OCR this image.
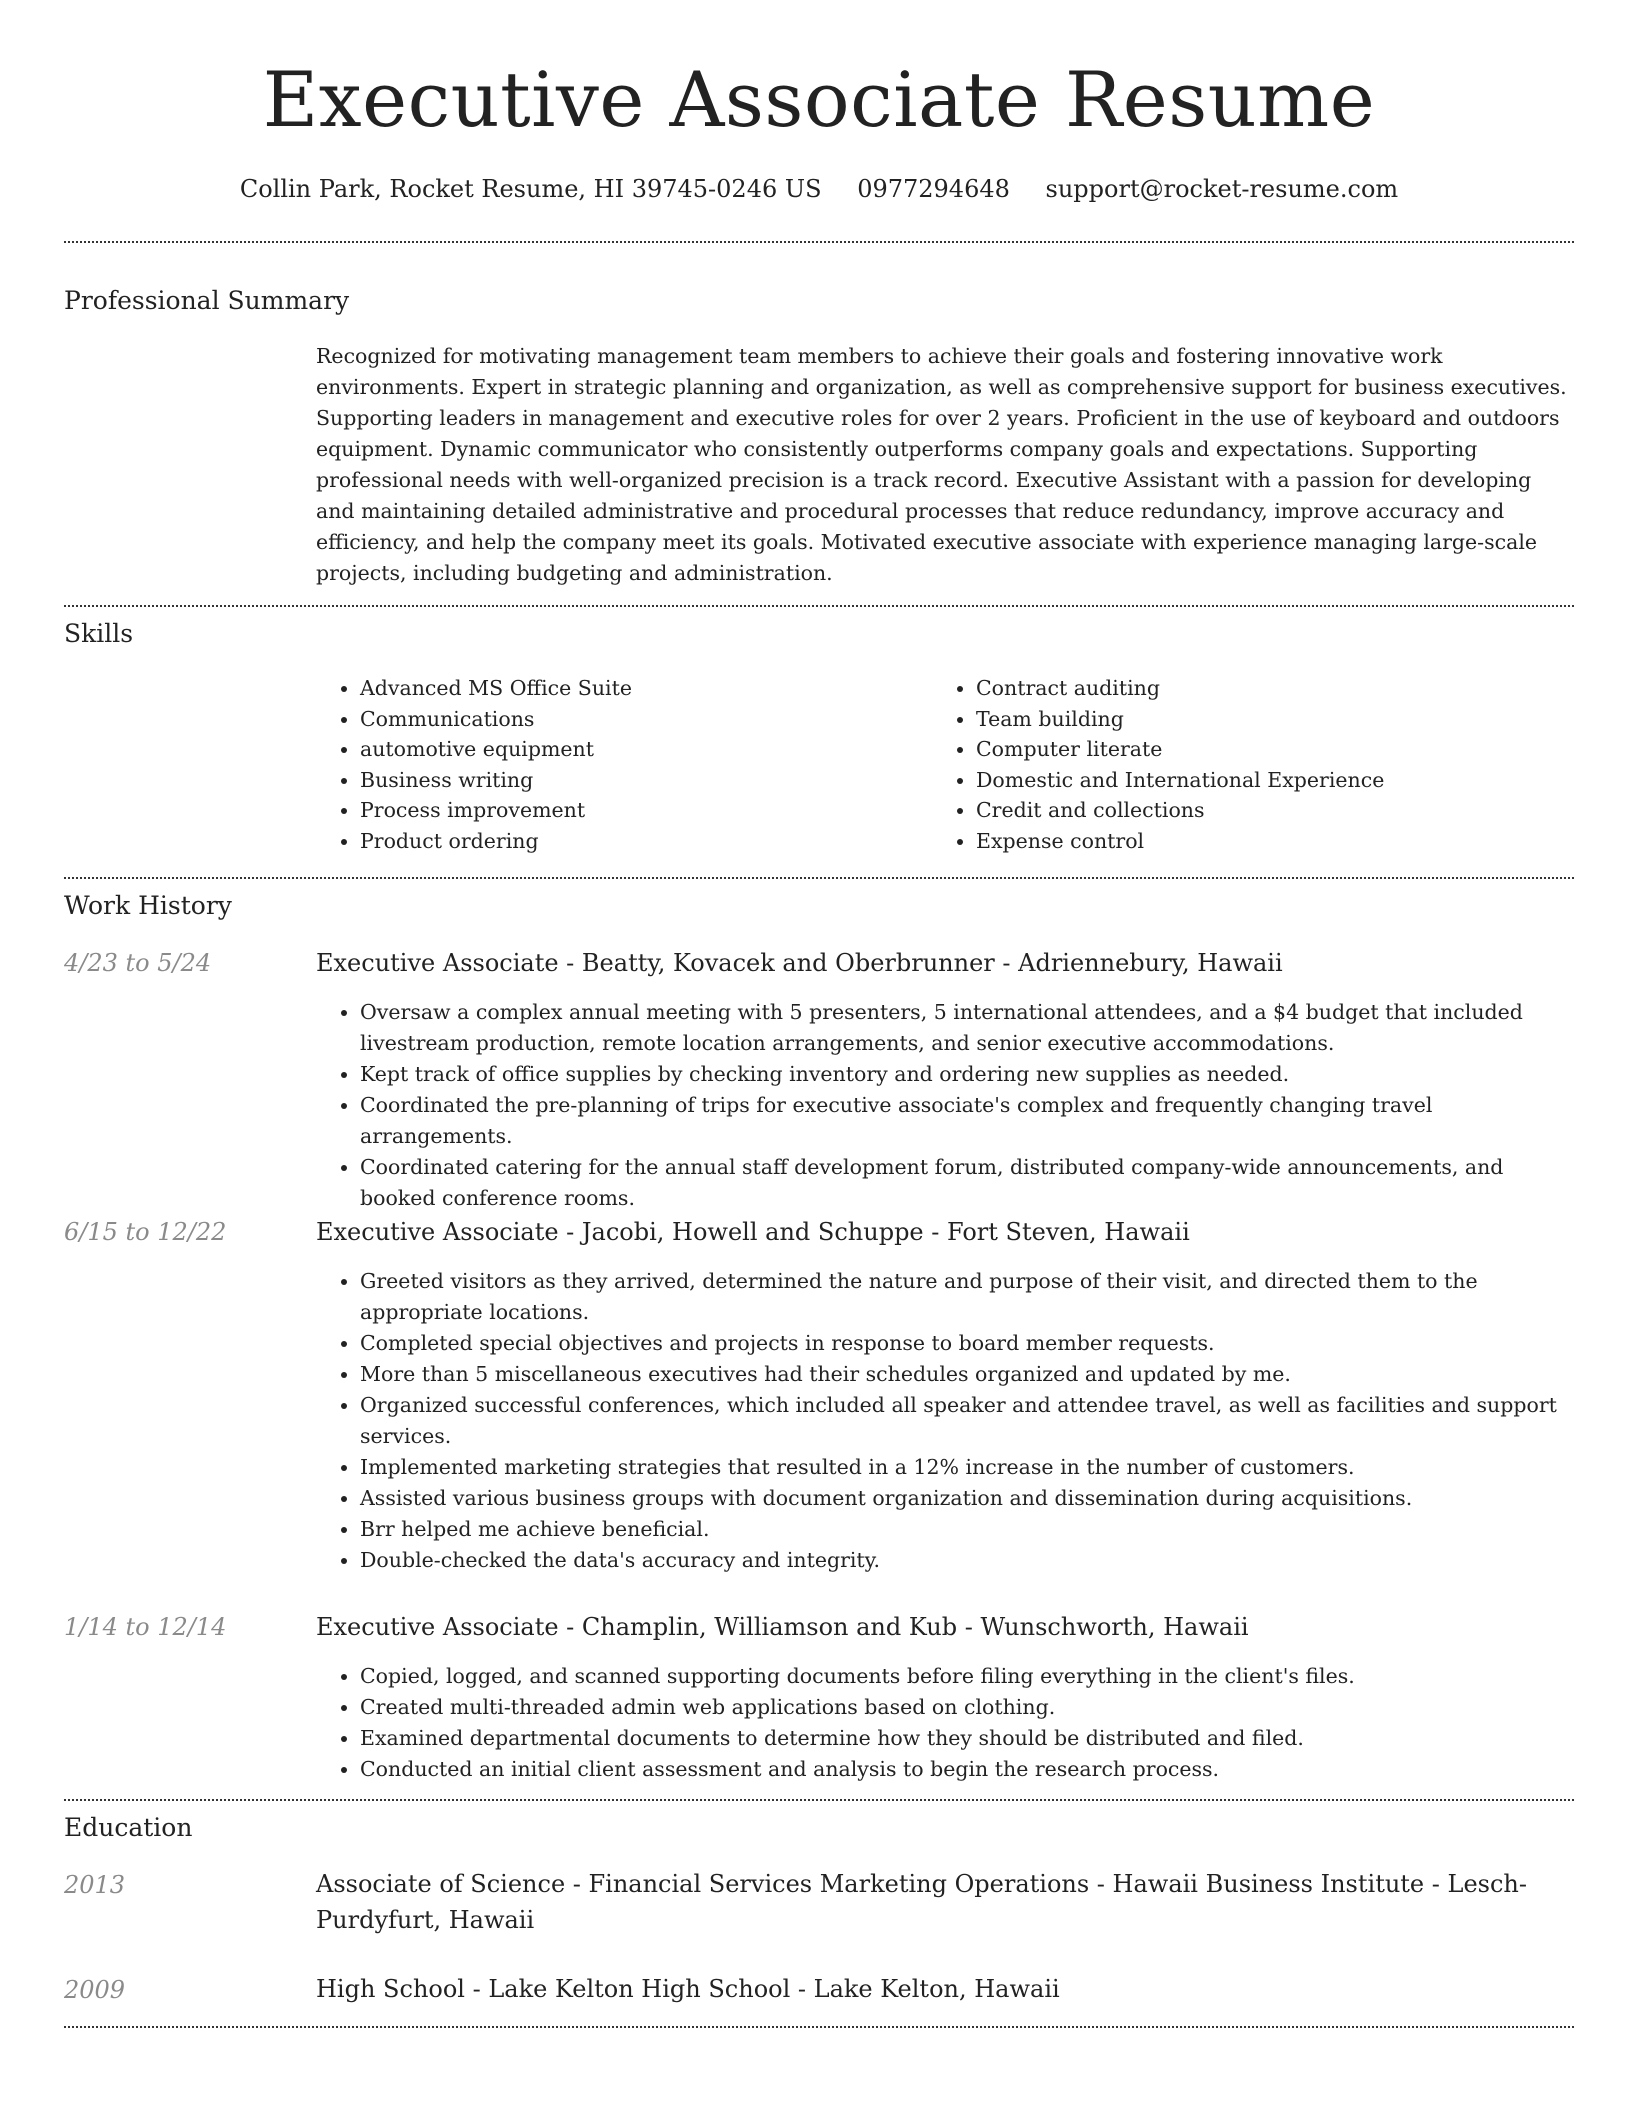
Executive Associate Resume
Collin Park, Rocket Resume, HI 39745-0246 US 0977294648 support@rocket-resume.com
Professional Summary
Recognized for motivating management team members to achieve their goals and fostering innovative work environments. Expert in strategic planning and organization, as well as comprehensive support for business executives. Supporting leaders in management and executive roles for over 2 years. Proficient in the use of keyboard and outdoors equipment. Dynamic communicator who consistently outperforms company goals and expectations. Supporting professional needs with well-organized precision is a track record. Executive Assistant with a passion for developing and maintaining detailed administrative and procedural processes that reduce redundancy, improve accuracy and efficiency, and help the company meet its goals. Motivated executive associate with experience managing large-scale projects, including budgeting and administration.
Skills
• Advanced MS Office Suite
• Communications
• automotive equipment
• Business writing
• Process improvement
• Product ordering
• Contract auditing
• Team building
• Computer literate
• Domestic and International Experience
• Credit and collections
• Expense control
Work History
4/23 to 5/24	Executive Associate - Beatty, Kovacek and Oberbrunner - Adriennebury, Hawaii
• Oversaw a complex annual meeting with 5 presenters, 5 international attendees, and a $4 budget that included livestream production, remote location arrangements, and senior executive accommodations.
• Kept track of office supplies by checking inventory and ordering new supplies as needed.
• Coordinated the pre-planning of trips for executive associate's complex and frequently changing travel arrangements.
• Coordinated catering for the annual staff development forum, distributed company-wide announcements, and booked conference rooms.
6/15 to 12/22	Executive Associate - Jacobi, Howell and Schuppe - Fort Steven, Hawaii
• Greeted visitors as they arrived, determined the nature and purpose of their visit, and directed them to the appropriate locations.
• Completed special objectives and projects in response to board member requests.
• More than 5 miscellaneous executives had their schedules organized and updated by me.
• Organized successful conferences, which included all speaker and attendee travel, as well as facilities and support services.
• Implemented marketing strategies that resulted in a 12% increase in the number of customers.
• Assisted various business groups with document organization and dissemination during acquisitions.
• Brr helped me achieve beneficial.
• Double-checked the data's accuracy and integrity.
1/14 to 12/14	Executive Associate - Champlin, Williamson and Kub - Wunschworth, Hawaii
• Copied, logged, and scanned supporting documents before filing everything in the client's files.
• Created multi-threaded admin web applications based on clothing.
• Examined departmental documents to determine how they should be distributed and filed.
• Conducted an initial client assessment and analysis to begin the research process.
Education
2013	Associate of Science - Financial Services Marketing Operations - Hawaii Business Institute - Lesch-Purdyfurt, Hawaii
2009	High School - Lake Kelton High School - Lake Kelton, Hawaii
